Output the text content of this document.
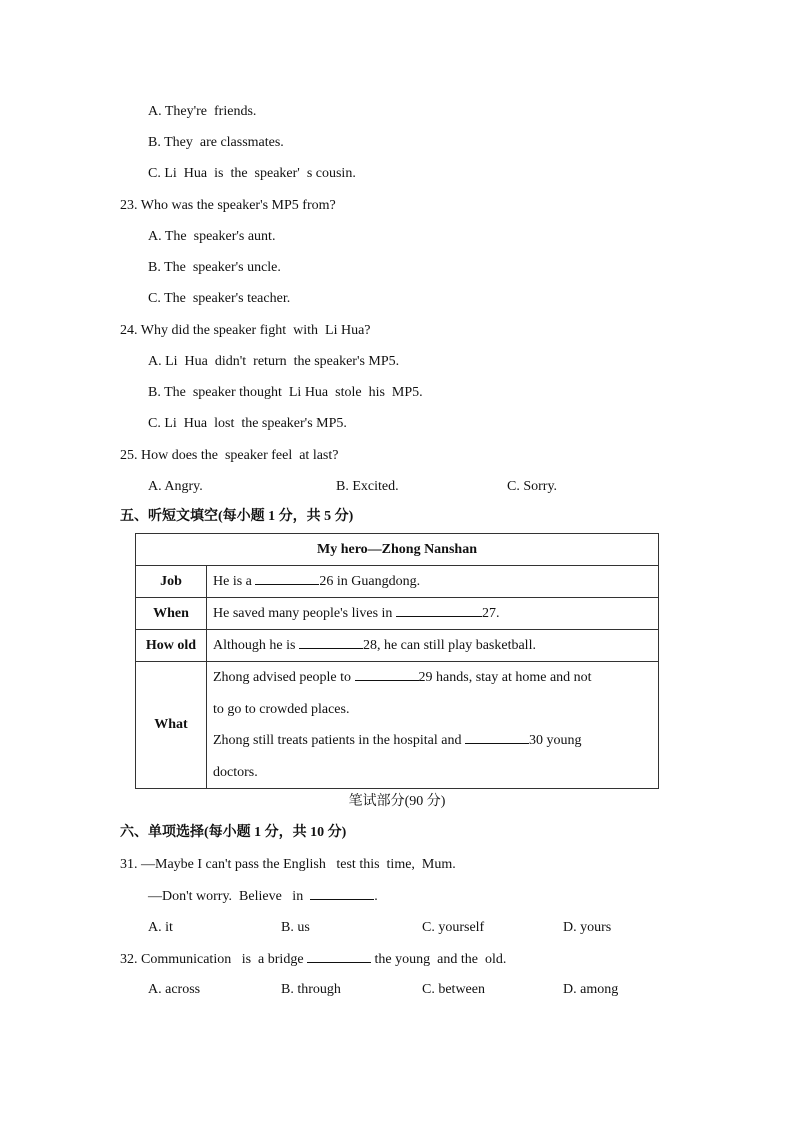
A. They're  friends.
B. They  are classmates.
C. Li  Hua  is  the  speaker'  s cousin.
23. Who was the speaker's MP5 from?
A. The  speaker's aunt.
B. The  speaker's uncle.
C. The  speaker's teacher.
24. Why did the speaker fight  with  Li Hua?
A. Li  Hua  didn't  return  the speaker's MP5.
B. The  speaker thought  Li Hua  stole  his  MP5.
C. Li  Hua  lost  the speaker's MP5.
25. How does the  speaker feel  at last?
A. Angry.	B. Excited.	C. Sorry.
五、听短文填空(每小题 1 分，共 5 分)
My hero—Zhong Nanshan	
Job	He is a 26 in Guangdong.
When	He saved many people's lives in 27.
How old	Although he is 28, he can still play basketball.
What	Zhong advised people to 29 hands, stay at home and not
to go to crowded places.
Zhong still treats patients in the hospital and 30 young
doctors.
笔试部分(90 分)
六、单项选择(每小题 1 分，共 10 分)
31. —Maybe I can't pass the English   test this  time,  Mum.
—Don't worry.  Believe   in	.
A. it	B. us	C. yourself	D. yours
32. Communication   is  a bridge	the young  and the  old.
A. across	B. through	C. between	D. among
